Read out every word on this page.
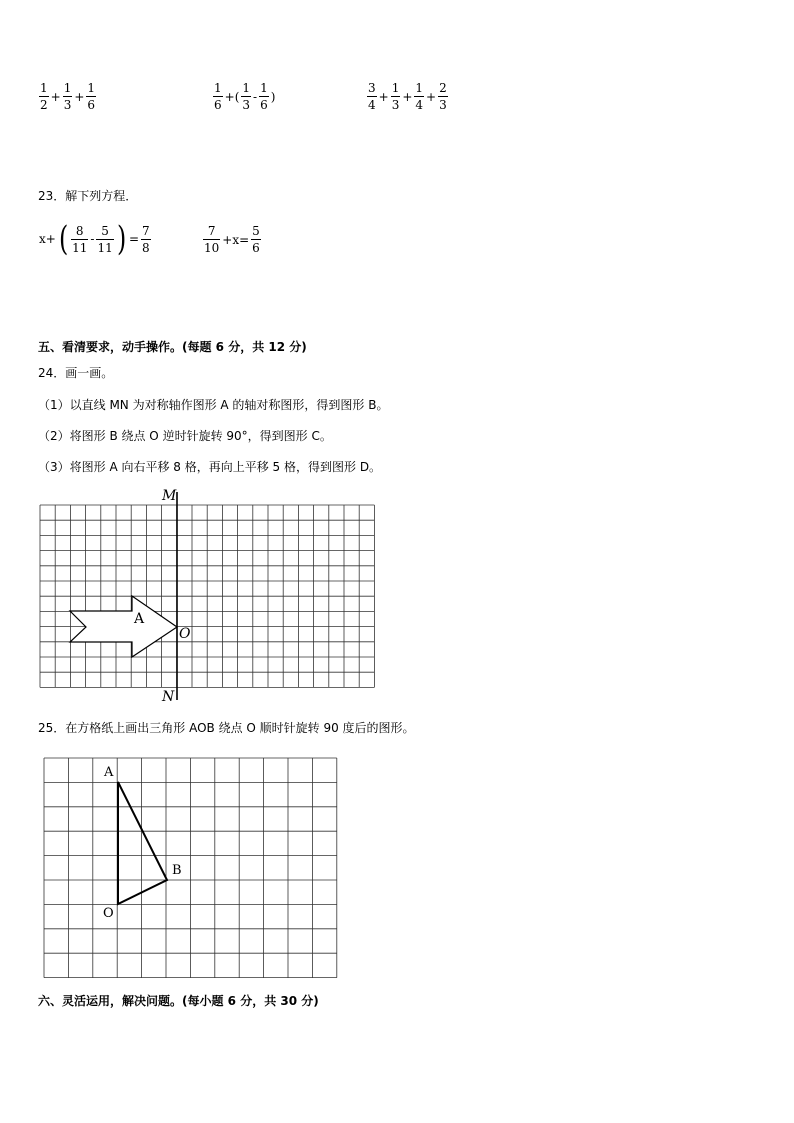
$\frac{1}{2} + \frac{1}{3} + \frac{1}{6}$	$\frac{1}{6}$ +( $\frac{1}{3} - \frac{1}{6}$ )	$\frac{3}{4} + \frac{1}{3} + \frac{1}{4} + \frac{2}{3}$
23．解下列方程．
x+ ( $\frac{8}{11} - \frac{5}{11}$ ) = $\frac{7}{8}$	$\frac{7}{10} +x= \frac{5}{6}$
五、看清要求，动手操作。(每题 6 分，共 12 分)
24．画一画。
（1）以直线 MN 为对称轴作图形 A 的轴对称图形，得到图形 B。
（2）将图形 B 绕点 O 逆时针旋转 90°，得到图形 C。
（3）将图形 A 向右平移 8 格，再向上平移 5 格，得到图形 D。
M
N
O
A
25．在方格纸上画出三角形 AOB 绕点 O 顺时针旋转 90 度后的图形。
A
B
O
六、灵活运用，解决问题。(每小题 6 分，共 30 分)
